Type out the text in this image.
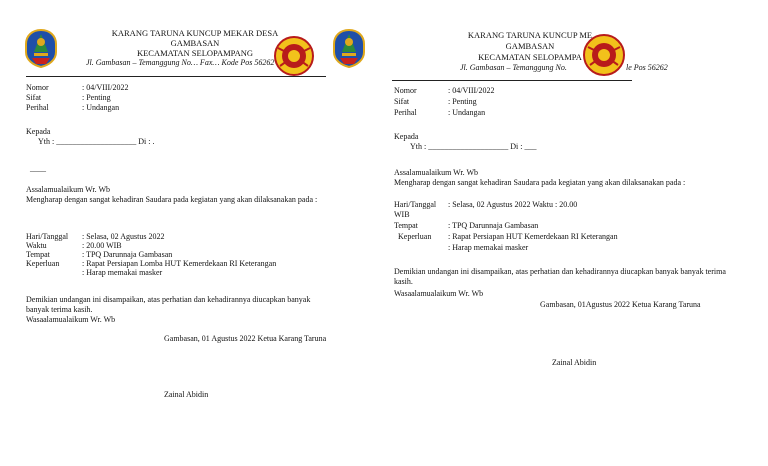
KARANG TARUNA KUNCUP MEKAR DESA
GAMBASAN
KECAMATAN SELOPAMPANG
Jl. Gambasan – Temanggung No… Fax… Kode Pos 56262
Nomor	: 04/VIII/2022
Sifat	: Penting
Perihal	: Undangan
Kepada
Yth : ____________________ Di : .
____
Assalamualaikum Wr. Wb
Mengharap dengan sangat kehadiran Saudara pada kegiatan yang akan dilaksanakan pada :
Hari/Tanggal : Selasa, 02 Agustus 2022
Waktu	: 20.00 WIB
Tempat	: TPQ Darunnaja Gambasan
Keperluan	: Rapat Persiapan Lomba HUT Kemerdekaan RI Keterangan
: Harap memakai masker
Demikian undangan ini disampaikan, atas perhatian dan kehadirannya diucapkan banyak banyak terima kasih.
Wasaalamualaikum Wr. Wb
Gambasan, 01 Agustus 2022 Ketua Karang Taruna
Zainal Abidin
KARANG TARUNA KUNCUP ME
GAMBASAN
KECAMATAN SELOPAMPA
Jl. Gambasan – Temanggung No.	le Pos 56262
Nomor	: 04/VIII/2022
Sifat	: Penting
Perihal	: Undangan
Kepada
Yth : ____________________ Di : ___
Assalamualaikum Wr. Wb
Mengharap dengan sangat kehadiran Saudara pada kegiatan yang akan dilaksanakan pada :
Hari/Tanggal : Selasa, 02 Agustus 2022 Waktu : 20.00
WIB
Tempat	: TPQ Darunnaja Gambasan
Keperluan : Rapat Persiapan HUT Kemerdekaan RI Keterangan
: Harap memakai masker
Demikian undangan ini disampaikan, atas perhatian dan kehadirannya diucapkan banyak banyak terima kasih.
Wasaalamualaikum Wr. Wb
Gambasan, 01Agustus 2022 Ketua Karang Taruna
Zainal Abidin
